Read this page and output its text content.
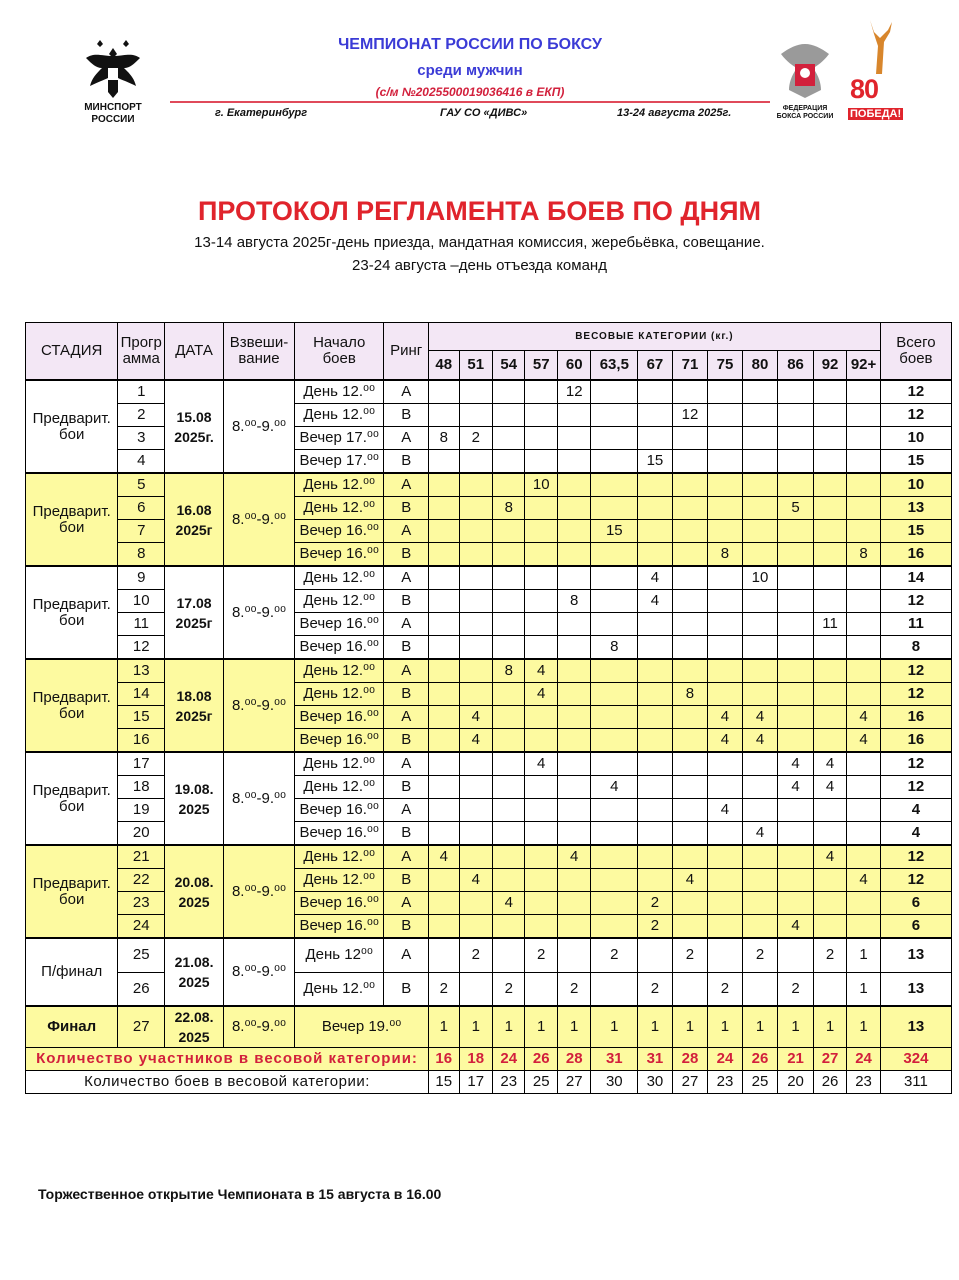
МИНСПОРТ РОССИИ
ЧЕМПИОНАТ РОССИИ ПО БОКСУ
среди мужчин
(с/м №2025500019036416 в ЕКП)
г. Екатеринбург	ГАУ СО «ДИВС»	13-24 августа 2025г.	ФЕДЕРАЦИЯ БОКСА РОССИИ
80
ПОБЕДА!
ПРОТОКОЛ РЕГЛАМЕНТА БОЕВ ПО ДНЯМ
13-14 августа 2025г-день приезда, мандатная комиссия, жеребьёвка, совещание.
23-24 августа –день отъезда команд
СТАДИЯ	Прогр амма	ДАТА	Взвеши- вание	Начало боев	Ринг	ВЕСОВЫЕ КАТЕГОРИИ (кг.)													Всего боев
						48	51	54	57	60	63,5	67	71	75	80	86	92	92+	
Предварит. бои	1	15.08 2025г.	8.⁰⁰-9.⁰⁰	День 12.⁰⁰	А					12									12
	2			День 12.⁰⁰	В								12						12
	3			Вечер 17.⁰⁰	А	8	2												10
	4			Вечер 17.⁰⁰	В							15							15
Предварит. бои	5	16.08 2025г	8.⁰⁰-9.⁰⁰	День 12.⁰⁰	А				10										10
	6			День 12.⁰⁰	В			8								5			13
	7			Вечер 16.⁰⁰	А						15								15
	8			Вечер 16.⁰⁰	В									8				8	16
Предварит. бои	9	17.08 2025г	8.⁰⁰-9.⁰⁰	День 12.⁰⁰	А							4			10				14
	10			День 12.⁰⁰	В					8		4							12
	11			Вечер 16.⁰⁰	А												11		11
	12			Вечер 16.⁰⁰	В						8								8
Предварит. бои	13	18.08 2025г	8.⁰⁰-9.⁰⁰	День 12.⁰⁰	А			8	4										12
	14			День 12.⁰⁰	В				4				8						12
	15			Вечер 16.⁰⁰	А		4							4	4			4	16
	16			Вечер 16.⁰⁰	В		4							4	4			4	16
Предварит. бои	17	19.08. 2025	8.⁰⁰-9.⁰⁰	День 12.⁰⁰	А				4							4	4		12
	18			День 12.⁰⁰	В						4					4	4		12
	19			Вечер 16.⁰⁰	А									4					4
	20			Вечер 16.⁰⁰	В										4				4
Предварит. бои	21	20.08. 2025	8.⁰⁰-9.⁰⁰	День 12.⁰⁰	А	4				4							4		12
	22			День 12.⁰⁰	В		4						4					4	12
	23			Вечер 16.⁰⁰	А			4				2							6
	24			Вечер 16.⁰⁰	В							2				4			6
П/финал	25	21.08. 2025	8.⁰⁰-9.⁰⁰	День 12⁰⁰	А		2		2		2		2		2		2	1	13
	26			День 12.⁰⁰	В	2		2		2		2		2		2		1	13
Финал	27	22.08. 2025	8.⁰⁰-9.⁰⁰	Вечер 19.⁰⁰		1	1	1	1	1	1	1	1	1	1	1	1	1	13
Количество участников в весовой категории:						16	18	24	26	28	31	31	28	24	26	21	27	24	324
Количество боев в весовой категории:						15	17	23	25	27	30	30	27	23	25	20	26	23	311
Торжественное открытие Чемпионата в 15 августа в 16.00
